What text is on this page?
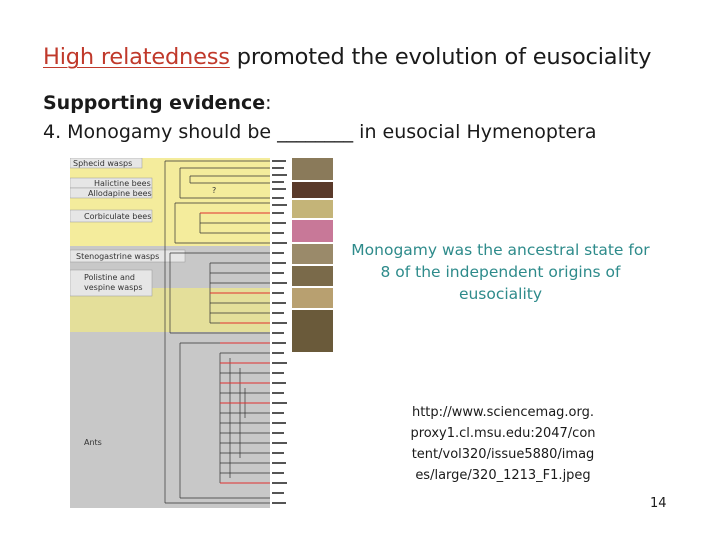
High relatedness promoted the evolution of eusociality
Supporting evidence:
4. Monogamy should be ________ in eusocial Hymenoptera
Sphecid wasps
Halictine bees
Allodapine bees	?
Corbiculate bees
Stenogastrine wasps
Polistine and vespine wasps
Ants
Monogamy was the ancestral state for 8 of the independent origins of eusociality
http://www.sciencemag.org.proxy1.cl.msu.edu:2047/content/vol320/issue5880/images/large/320_1213_F1.jpeg
14
